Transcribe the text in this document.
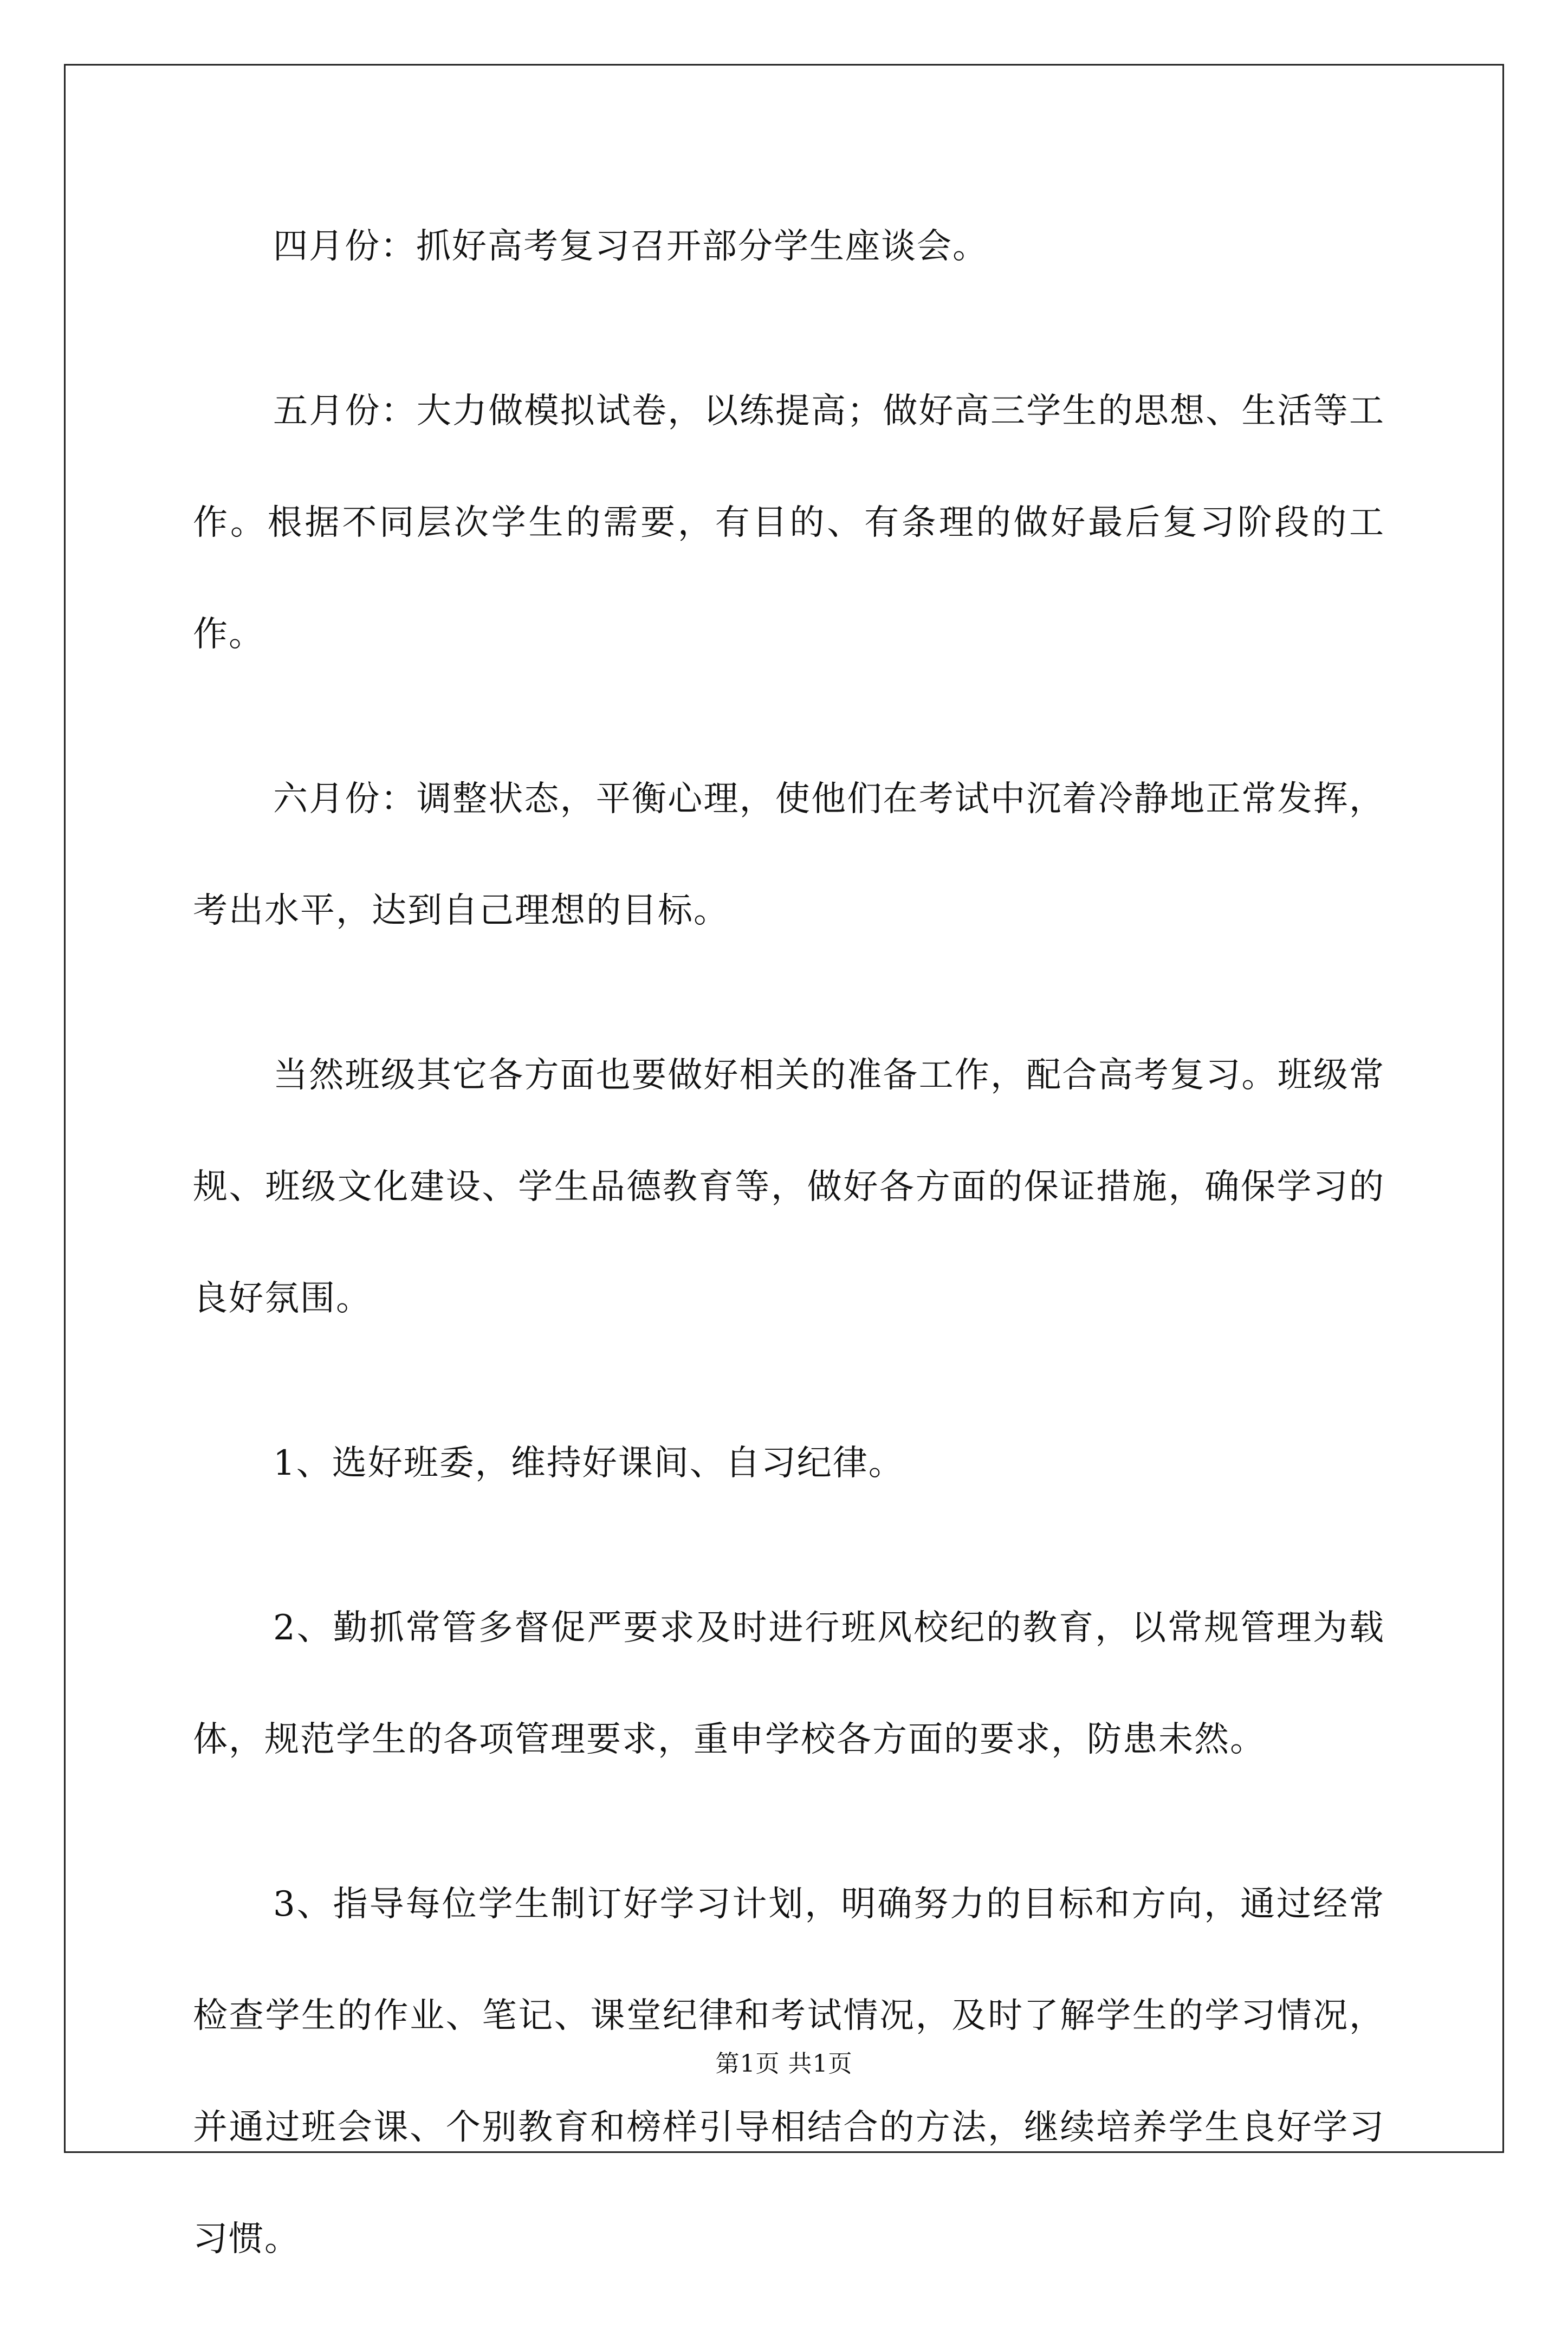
四月份：抓好高考复习召开部分学生座谈会。

五月份：大力做模拟试卷，以练提高；做好高三学生的思想、生活等工作。根据不同层次学生的需要，有目的、有条理的做好最后复习阶段的工作。

六月份：调整状态，平衡心理，使他们在考试中沉着冷静地正常发挥，考出水平，达到自己理想的目标。

当然班级其它各方面也要做好相关的准备工作，配合高考复习。班级常规、班级文化建设、学生品德教育等，做好各方面的保证措施，确保学习的良好氛围。

1、选好班委，维持好课间、自习纪律。

2、勤抓常管多督促严要求及时进行班风校纪的教育，以常规管理为载体，规范学生的各项管理要求，重申学校各方面的要求，防患未然。

3、指导每位学生制订好学习计划，明确努力的目标和方向，通过经常检查学生的作业、笔记、课堂纪律和考试情况，及时了解学生的学习情况，并通过班会课、个别教育和榜样引导相结合的方法，继续培养学生良好学习习惯。

第1页 共1页
